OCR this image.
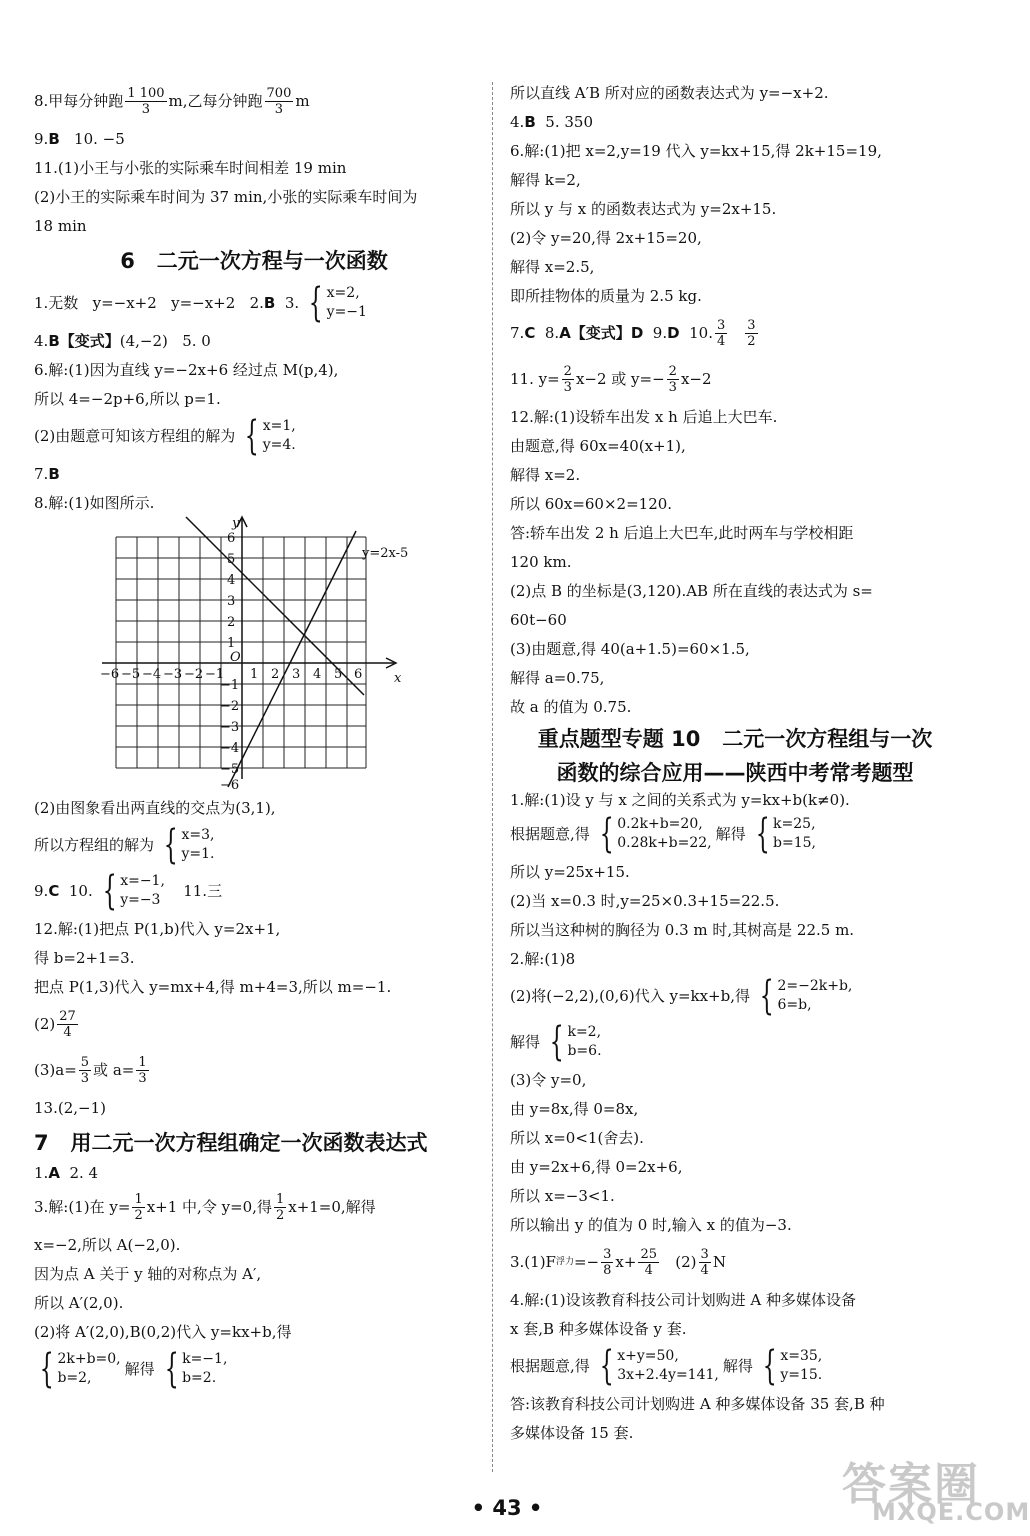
8.甲每分钟跑 $\frac{1 100}{3} m$,乙每分钟跑 $\frac{700}{3}$ m
9. B 10. −5
11.(1)小王与小张的实际乘车时间相差 19 min
(2)小王的实际乘车时间为 37 min,小张的实际乘车时间为
18 min
6   二元一次方程与一次函数
1.无数   y=−x+2   y=−x+2   2. B 3. { x=2,
y=−1
4. B 【变式】 (4,−2)   5. 0
6.解:(1)因为直线 y=−2x+6 经过点 M(p,4),
所以 4=−2p+6,所以 p=1.
(2)由题意可知该方程组的解为 { x=1,
y=4.
7. B
8.解:(1)如图所示.
y
x
O
y=2x-5
−6 −5 −4 −3 −2 −1 1 2 3 4 5 6
6
5
4
3
2
1
−1
−2
−3
−4
−5
−6
(2)由图象看出两直线的交点为(3,1),
所以方程组的解为 { x=3,
y=1.
9. C 10. { x=−1,
y=−3 11.三
12.解:(1)把点 P(1,b)代入 y=2x+1,
得 b=2+1=3.
把点 P(1,3)代入 y=mx+4,得 m+4=3,所以 m=−1.
$(2) \frac{27}{4}$
$(3)a= \frac{5}{3}$ 或 $a= \frac{1}{3}$
13.(2,−1)
7   用二元一次方程组确定一次函数表达式
1. A 2. 4
3.解:(1)在 $y= \frac{1}{2} x+1$ 中,令 y=0,得 $\frac{1}{2} x+1=0$,解得
x=−2,所以 A(−2,0).
因为点 A 关于 y 轴的对称点为 A′,
所以 A′(2,0).
(2)将 A′(2,0),B(0,2)代入 y=kx+b,得
{ 2k+b=0,
b=2,	解得 { k=−1,
b=2.
所以直线 A′B 所对应的函数表达式为 y=−x+2.
4. B 5. 350
6.解:(1)把 x=2,y=19 代入 y=kx+15,得 2k+15=19,
解得 k=2,
所以 y 与 x 的函数表达式为 y=2x+15.
(2)令 y=20,得 2x+15=20,
解得 x=2.5,
即所挂物体的质量为 2.5 kg.
7. C 8. A 【变式】 D 9. D 10. $\frac{3}{4} \frac{3}{2}$
11. $y= \frac{2}{3} x-2$ 或 $y=- \frac{2}{3} x-2$
12.解:(1)设轿车出发 x h 后追上大巴车.
由题意,得 60x=40(x+1),
解得 x=2.
所以 60x=60×2=120.
答:轿车出发 2 h 后追上大巴车,此时两车与学校相距
120 km.
(2)点 B 的坐标是(3,120).AB 所在直线的表达式为 s=
60t−60
(3)由题意,得 40(a+1.5)=60×1.5,
解得 a=0.75,
故 a 的值为 0.75.
重点题型专题 10   二元一次方程组与一次
函数的综合应用——陕西中考常考题型
1.解:(1)设 y 与 x 之间的关系式为 y=kx+b(k≠0).
根据题意,得 { 0.2k+b=20,
0.28k+b=22, 解得 { k=25,
b=15,
所以 y=25x+15.
(2)当 x=0.3 时,y=25×0.3+15=22.5.
所以当这种树的胸径为 0.3 m 时,其树高是 22.5 m.
2.解:(1)8
(2)将(−2,2),(0,6)代入 y=kx+b,得 { 2=−2k+b,
6=b,
解得 { k=2,
b=6.
(3)令 y=0,
由 y=8x,得 0=8x,
所以 x=0<1(舍去).
由 y=2x+6,得 0=2x+6,
所以 x=−3<1.
所以输出 y 的值为 0 时,输入 x 的值为−3.
3.(1)F 浮力 =− $\frac{3}{8} x+ \frac{25}{4} (2) \frac{3}{4}$ N
4.解:(1)设该教育科技公司计划购进 A 种多媒体设备
x 套,B 种多媒体设备 y 套.
根据题意,得 { x+y=50,
3x+2.4y=141, 解得 { x=35,
y=15.
答:该教育科技公司计划购进 A 种多媒体设备 35 套,B 种
多媒体设备 15 套.
• 43 •	答案圈
MXQE.COM
